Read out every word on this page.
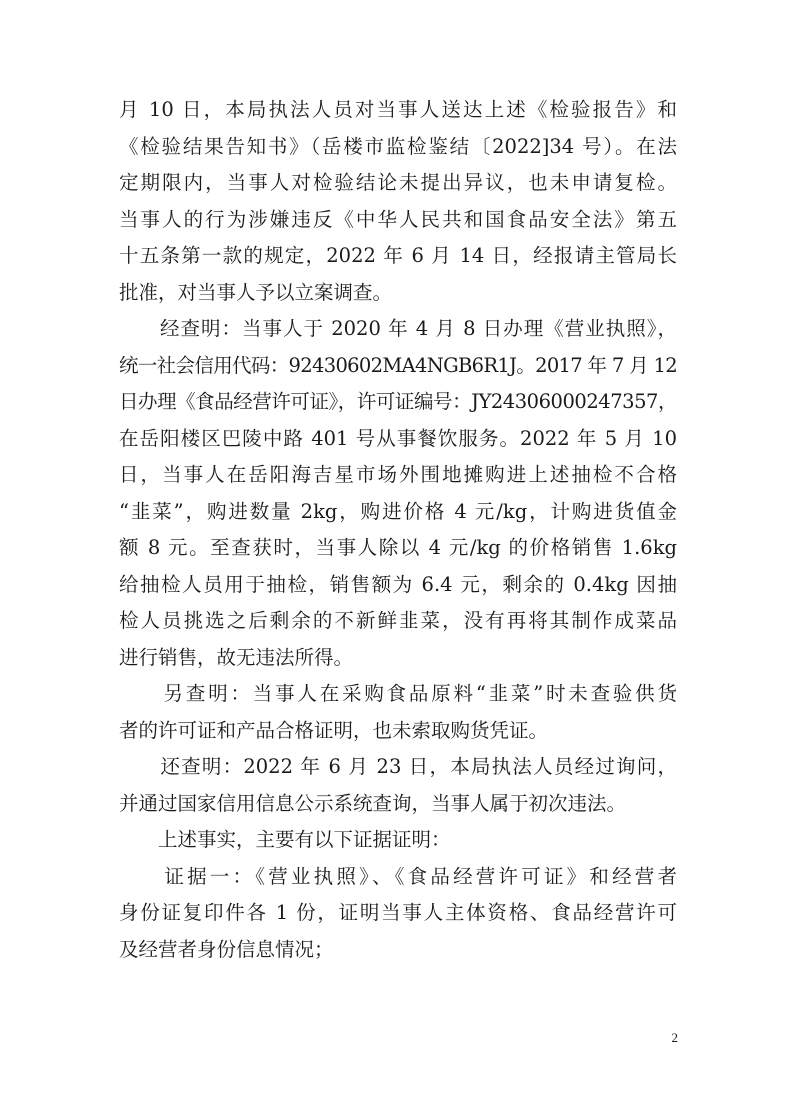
月 10 日，本局执法人员对当事人送达上述《检验报告》和
《检验结果告知书》（岳楼市监检鉴结〔2022]34 号）。在法
定期限内，当事人对检验结论未提出异议，也未申请复检。
当事人的行为涉嫌违反《中华人民共和国食品安全法》第五
十五条第一款的规定，2022 年 6 月 14 日，经报请主管局长
批准，对当事人予以立案调查。
　　经查明：当事人于 2020 年 4 月 8 日办理《营业执照》，
统一社会信用代码：92430602MA4NGB6R1J。2017 年 7 月 12
日办理《食品经营许可证》，许可证编号：JY24306000247357，
在岳阳楼区巴陵中路 401 号从事餐饮服务。2022 年 5 月 10
日，当事人在岳阳海吉星市场外围地摊购进上述抽检不合格
“韭菜”，购进数量 2kg，购进价格 4 元/kg，计购进货值金
额 8 元。至查获时，当事人除以 4 元/kg 的价格销售 1.6kg
给抽检人员用于抽检，销售额为 6.4 元，剩余的 0.4kg 因抽
检人员挑选之后剩余的不新鲜韭菜，没有再将其制作成菜品
进行销售，故无违法所得。
　　另查明：当事人在采购食品原料“韭菜”时未查验供货
者的许可证和产品合格证明，也未索取购货凭证。
　　还查明：2022 年 6 月 23 日，本局执法人员经过询问，
并通过国家信用信息公示系统查询，当事人属于初次违法。
　　上述事实，主要有以下证据证明：
　　证据一：《营业执照》、《食品经营许可证》和经营者
身份证复印件各 1 份，证明当事人主体资格、食品经营许可
及经营者身份信息情况；
2
